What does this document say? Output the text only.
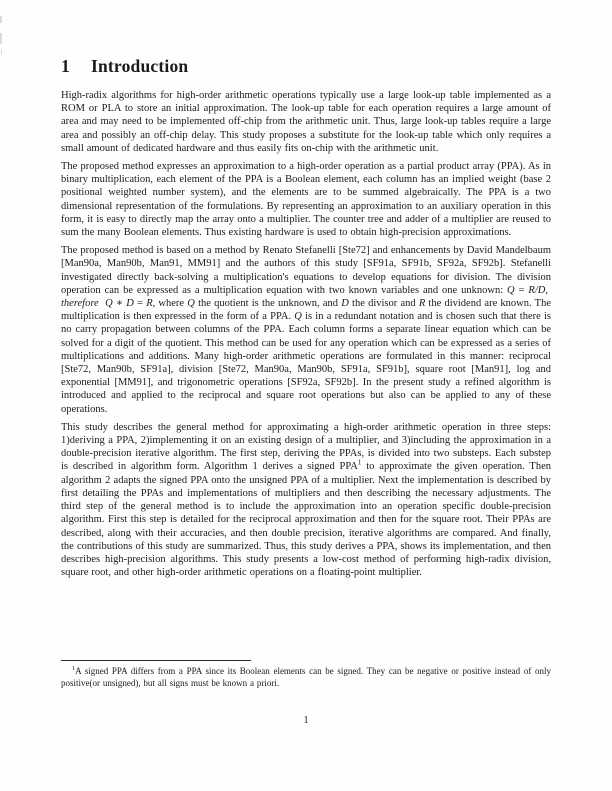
1 Introduction

High-radix algorithms for high-order arithmetic operations typically use a large look-up table implemented as a ROM or PLA to store an initial approximation. The look-up table for each operation requires a large amount of area and may need to be implemented off-chip from the arithmetic unit. Thus, large look-up tables require a large area and possibly an off-chip delay. This study proposes a substitute for the look-up table which only requires a small amount of dedicated hardware and thus easily fits on-chip with the arithmetic unit.

The proposed method expresses an approximation to a high-order operation as a partial product array (PPA). As in binary multiplication, each element of the PPA is a Boolean element, each column has an implied weight (base 2 positional weighted number system), and the elements are to be summed algebraically. The PPA is a two dimensional representation of the formulations. By representing an approximation to an auxiliary operation in this form, it is easy to directly map the array onto a multiplier. The counter tree and adder of a multiplier are reused to sum the many Boolean elements. Thus existing hardware is used to obtain high-precision approximations.

The proposed method is based on a method by Renato Stefanelli [Ste72] and enhancements by David Mandelbaum [Man90a, Man90b, Man91, MM91] and the authors of this study [SF91a, SF91b, SF92a, SF92b]. Stefanelli investigated directly back-solving a multiplication's equations to develop equations for division. The division operation can be expressed as a multiplication equation with two known variables and one unknown: Q = R/D,  therefore Q ∗ D = R, where Q the quotient is the unknown, and D the divisor and R the dividend are known. The multiplication is then expressed in the form of a PPA. Q is in a redundant notation and is chosen such that there is no carry propagation between columns of the PPA. Each column forms a separate linear equation which can be solved for a digit of the quotient. This method can be used for any operation which can be expressed as a series of multiplications and additions. Many high-order arithmetic operations are formulated in this manner: reciprocal [Ste72, Man90b, SF91a], division [Ste72, Man90a, Man90b, SF91a, SF91b], square root [Man91], log and exponential [MM91], and trigonometric operations [SF92a, SF92b]. In the present study a refined algorithm is introduced and applied to the reciprocal and square root operations but also can be applied to any of these operations.

This study describes the general method for approximating a high-order arithmetic operation in three steps: 1)deriving a PPA, 2)implementing it on an existing design of a multiplier, and 3)including the approximation in a double-precision iterative algorithm. The first step, deriving the PPAs, is divided into two substeps. Each substep is described in algorithm form. Algorithm 1 derives a signed PPA$^1$ to approximate the given operation. Then algorithm 2 adapts the signed PPA onto the unsigned PPA of a multiplier. Next the implementation is described by first detailing the PPAs and implementations of multipliers and then describing the necessary adjustments. The third step of the general method is to include the approximation into an operation specific double-precision algorithm. First this step is detailed for the reciprocal approximation and then for the square root. Their PPAs are described, along with their accuracies, and then double precision, iterative algorithms are compared. And finally, the contributions of this study are summarized. Thus, this study derives a PPA, shows its implementation, and then describes high-precision algorithms. This study presents a low-cost method of performing high-radix division, square root, and other high-order arithmetic operations on a floating-point multiplier.

$^1$A signed PPA differs from a PPA since its Boolean elements can be signed. They can be negative or positive instead of only positive(or unsigned), but all signs must be known a priori.

1
